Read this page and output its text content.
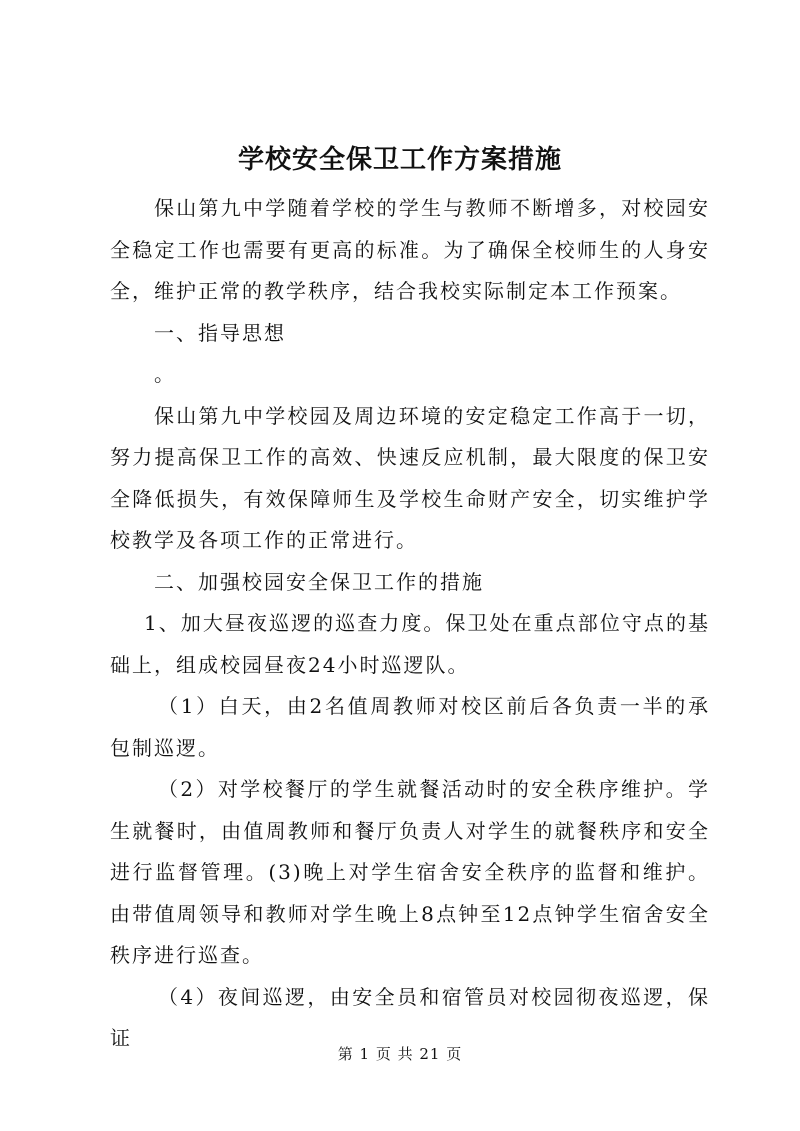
学校安全保卫工作方案措施

保山第九中学随着学校的学生与教师不断增多，对校园安全稳定工作也需要有更高的标准。为了确保全校师生的人身安全，维护正常的教学秩序，结合我校实际制定本工作预案。

一、指导思想

。

保山第九中学校园及周边环境的安定稳定工作高于一切，努力提高保卫工作的高效、快速反应机制，最大限度的保卫安全降低损失，有效保障师生及学校生命财产安全，切实维护学校教学及各项工作的正常进行。

二、加强校园安全保卫工作的措施

1、加大昼夜巡逻的巡查力度。保卫处在重点部位守点的基础上，组成校园昼夜24小时巡逻队。

（1）白天，由2名值周教师对校区前后各负责一半的承包制巡逻。

（2）对学校餐厅的学生就餐活动时的安全秩序维护。学生就餐时，由值周教师和餐厅负责人对学生的就餐秩序和安全进行监督管理。(3)晚上对学生宿舍安全秩序的监督和维护。由带值周领导和教师对学生晚上8点钟至12点钟学生宿舍安全秩序进行巡查。

（4）夜间巡逻，由安全员和宿管员对校园彻夜巡逻，保证

第 1 页 共 21 页
